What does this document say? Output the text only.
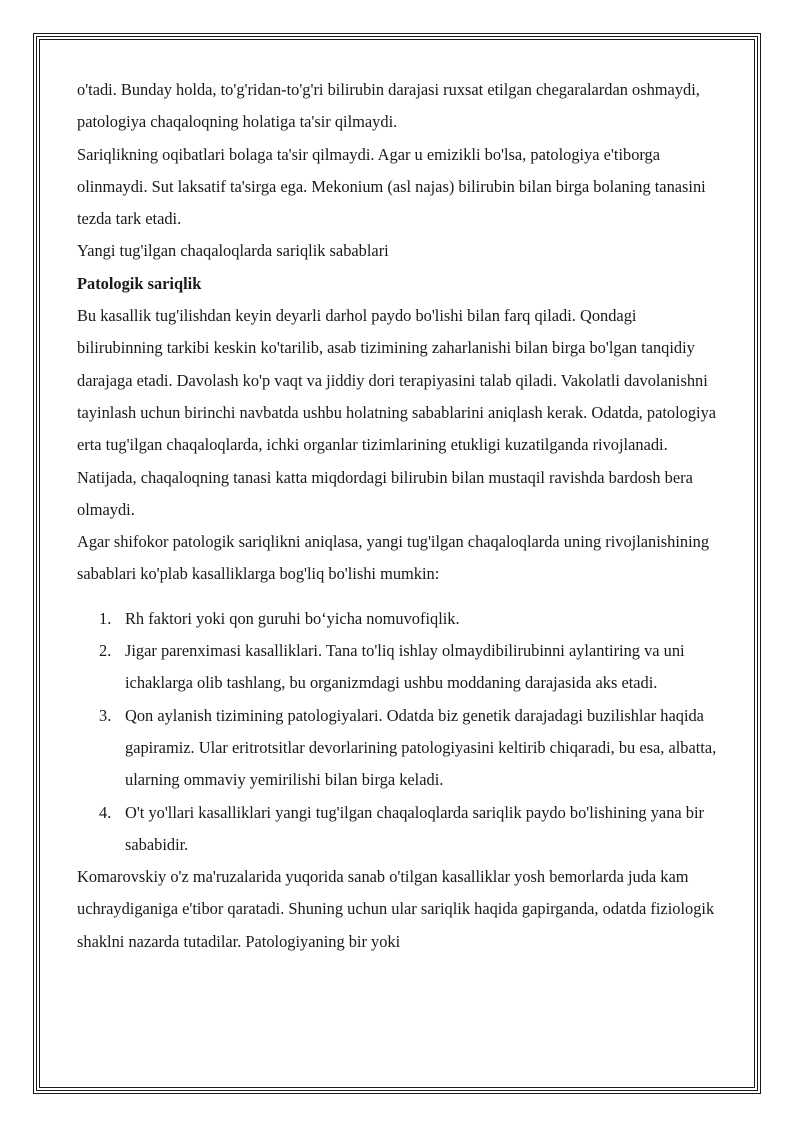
o'tadi. Bunday holda, to'g'ridan-to'g'ri bilirubin darajasi ruxsat etilgan chegaralardan oshmaydi, patologiya chaqaloqning holatiga ta'sir qilmaydi.

Sariqlikning oqibatlari bolaga ta'sir qilmaydi. Agar u emizikli bo'lsa, patologiya e'tiborga olinmaydi. Sut laksatif ta'sirga ega. Mekonium (asl najas) bilirubin bilan birga bolaning tanasini tezda tark etadi.

Yangi tug'ilgan chaqaloqlarda sariqlik sabablari

Patologik sariqlik

Bu kasallik tug'ilishdan keyin deyarli darhol paydo bo'lishi bilan farq qiladi. Qondagi bilirubinning tarkibi keskin ko'tarilib, asab tizimining zaharlanishi bilan birga bo'lgan tanqidiy darajaga etadi. Davolash ko'p vaqt va jiddiy dori terapiyasini talab qiladi. Vakolatli davolanishni tayinlash uchun birinchi navbatda ushbu holatning sabablarini aniqlash kerak. Odatda, patologiya erta tug'ilgan chaqaloqlarda, ichki organlar tizimlarining etukligi kuzatilganda rivojlanadi. Natijada, chaqaloqning tanasi katta miqdordagi bilirubin bilan mustaqil ravishda bardosh bera olmaydi.

Agar shifokor patologik sariqlikni aniqlasa, yangi tug'ilgan chaqaloqlarda uning rivojlanishining sabablari ko'plab kasalliklarga bog'liq bo'lishi mumkin:

1. Rh faktori yoki qon guruhi bo‘yicha nomuvofiqlik.
2. Jigar parenximasi kasalliklari. Tana to'liq ishlay olmaydibilirubinni aylantiring va uni ichaklarga olib tashlang, bu organizmdagi ushbu moddaning darajasida aks etadi.
3. Qon aylanish tizimining patologiyalari. Odatda biz genetik darajadagi buzilishlar haqida gapiramiz. Ular eritrotsitlar devorlarining patologiyasini keltirib chiqaradi, bu esa, albatta, ularning ommaviy yemirilishi bilan birga keladi.
4. O't yo'llari kasalliklari yangi tug'ilgan chaqaloqlarda sariqlik paydo bo'lishining yana bir sababidir.

Komarovskiy o'z ma'ruzalarida yuqorida sanab o'tilgan kasalliklar yosh bemorlarda juda kam uchraydiganiga e'tibor qaratadi. Shuning uchun ular sariqlik haqida gapirganda, odatda fiziologik shaklni nazarda tutadilar. Patologiyaning bir yoki
